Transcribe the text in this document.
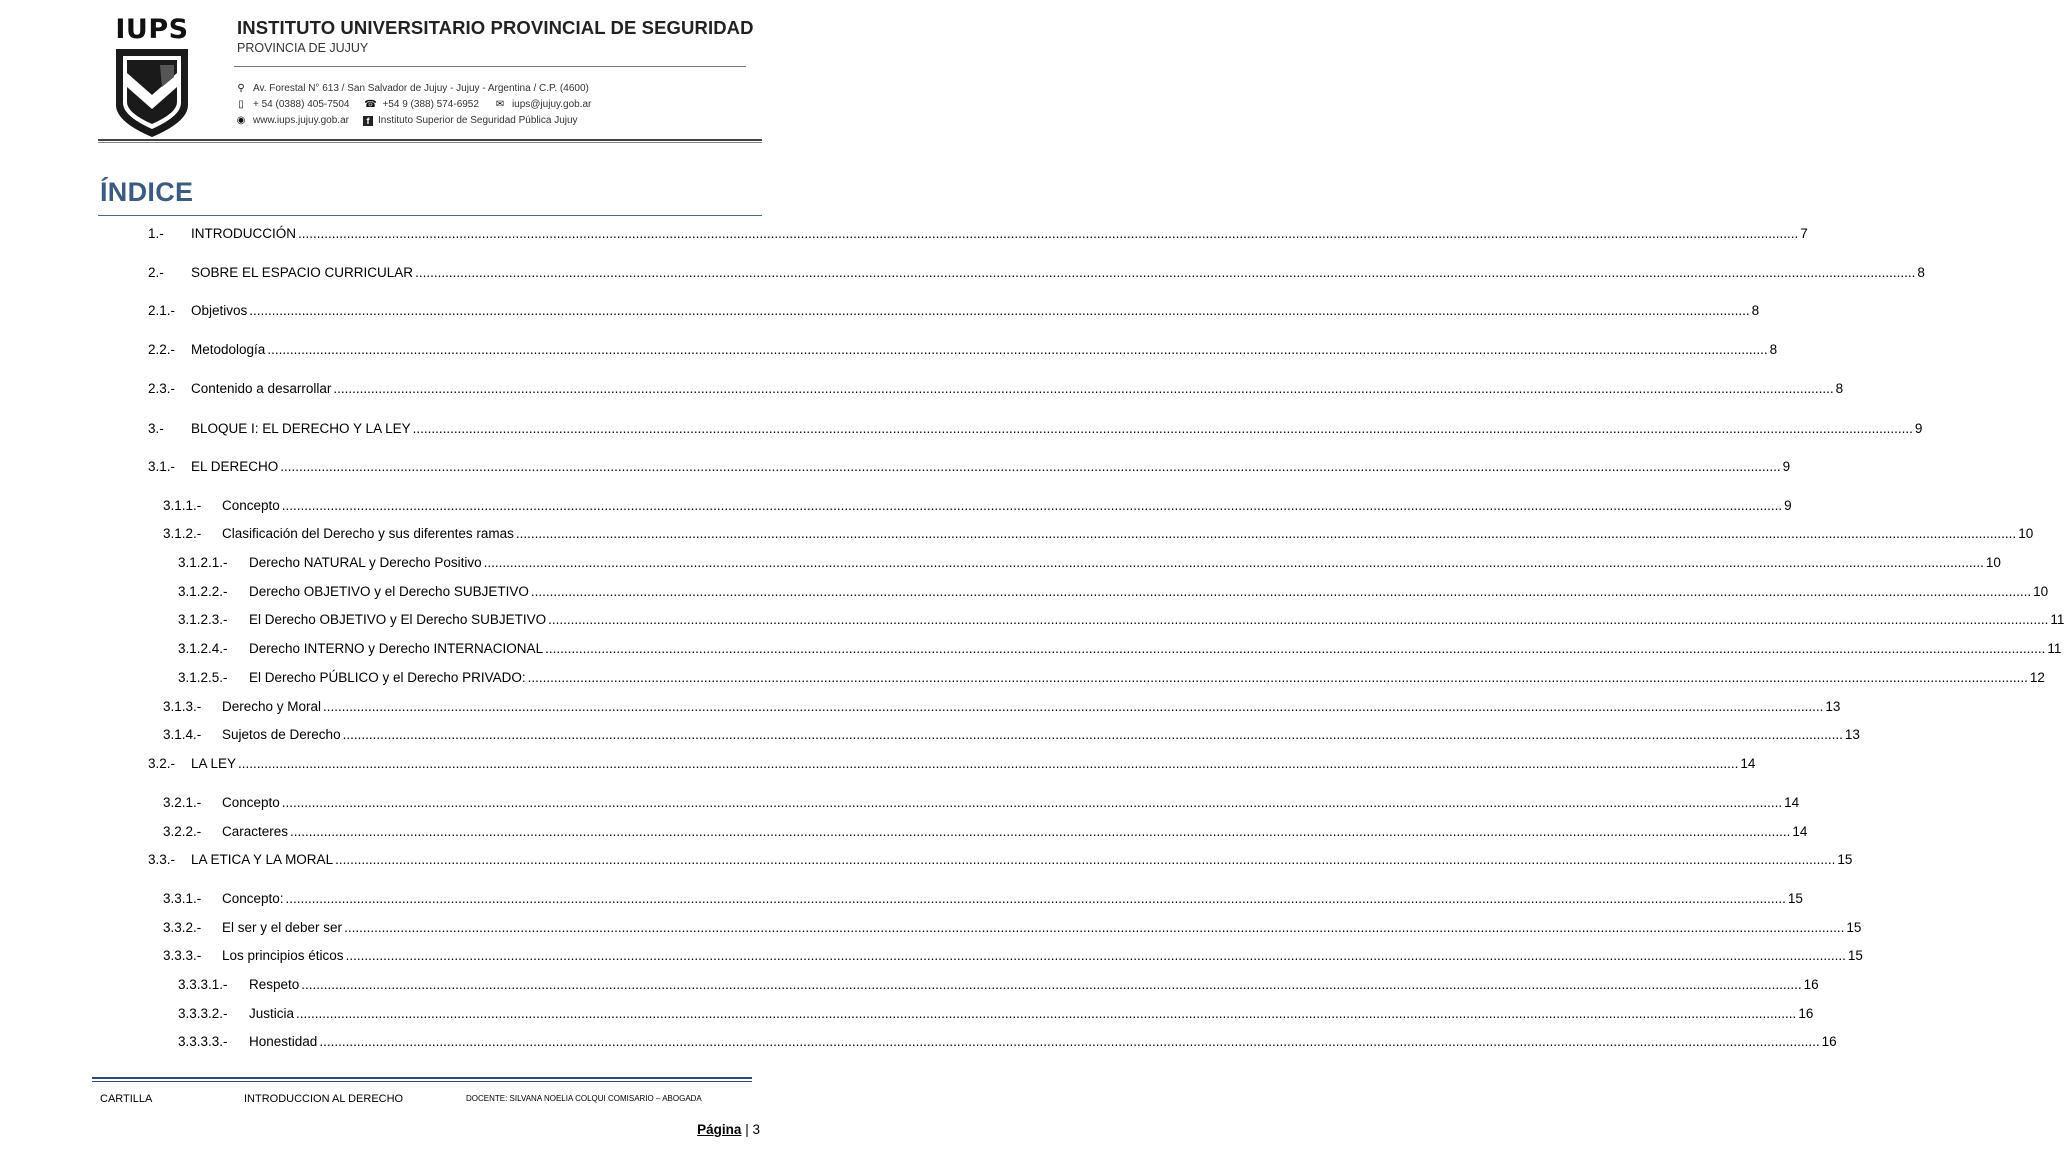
IUPS	INSTITUTO UNIVERSITARIO PROVINCIAL DE SEGURIDAD
PROVINCIA DE JUJUY
⚲ Av. Forestal N° 613 / San Salvador de Jujuy - Jujuy - Argentina / C.P. (4600)
▯ + 54 (0388) 405-7504 ☎ +54 9 (388) 574-6952 ✉ iups@jujuy.gob.ar
◉ www.iups.jujuy.gob.ar	f Instituto Superior de Seguridad Pública Jujuy
ÍNDICE
1.-	INTRODUCCIÓN ................................................................................................................................................................................................................................................................................................................................................................................................................ 7
2.-	SOBRE EL ESPACIO CURRICULAR ................................................................................................................................................................................................................................................................................................................................................................................................................ 8
2.1.-	Objetivos ................................................................................................................................................................................................................................................................................................................................................................................................................ 8
2.2.-	Metodología ................................................................................................................................................................................................................................................................................................................................................................................................................ 8
2.3.-	Contenido a desarrollar ................................................................................................................................................................................................................................................................................................................................................................................................................ 8
3.-	BLOQUE I: EL DERECHO Y LA LEY ................................................................................................................................................................................................................................................................................................................................................................................................................ 9
3.1.-	EL DERECHO ................................................................................................................................................................................................................................................................................................................................................................................................................ 9
3.1.1.-	Concepto ................................................................................................................................................................................................................................................................................................................................................................................................................ 9
3.1.2.-	Clasificación del Derecho y sus diferentes ramas ................................................................................................................................................................................................................................................................................................................................................................................................................ 10
3.1.2.1.-	Derecho NATURAL y Derecho Positivo ................................................................................................................................................................................................................................................................................................................................................................................................................ 10
3.1.2.2.-	Derecho OBJETIVO y el Derecho SUBJETIVO ................................................................................................................................................................................................................................................................................................................................................................................................................ 10
3.1.2.3.-	El Derecho OBJETIVO y El Derecho SUBJETIVO ................................................................................................................................................................................................................................................................................................................................................................................................................ 11
3.1.2.4.-	Derecho INTERNO y Derecho INTERNACIONAL ................................................................................................................................................................................................................................................................................................................................................................................................................ 11
3.1.2.5.-	El Derecho PÚBLICO y el Derecho PRIVADO: ................................................................................................................................................................................................................................................................................................................................................................................................................ 12
3.1.3.-	Derecho y Moral ................................................................................................................................................................................................................................................................................................................................................................................................................ 13
3.1.4.-	Sujetos de Derecho ................................................................................................................................................................................................................................................................................................................................................................................................................ 13
3.2.-	LA LEY ................................................................................................................................................................................................................................................................................................................................................................................................................ 14
3.2.1.-	Concepto ................................................................................................................................................................................................................................................................................................................................................................................................................ 14
3.2.2.-	Caracteres ................................................................................................................................................................................................................................................................................................................................................................................................................ 14
3.3.-	LA ETICA Y LA MORAL ................................................................................................................................................................................................................................................................................................................................................................................................................ 15
3.3.1.-	Concepto: ................................................................................................................................................................................................................................................................................................................................................................................................................ 15
3.3.2.-	El ser y el deber ser ................................................................................................................................................................................................................................................................................................................................................................................................................ 15
3.3.3.-	Los principios éticos ................................................................................................................................................................................................................................................................................................................................................................................................................ 15
3.3.3.1.-	Respeto ................................................................................................................................................................................................................................................................................................................................................................................................................ 16
3.3.3.2.-	Justicia ................................................................................................................................................................................................................................................................................................................................................................................................................ 16
3.3.3.3.-	Honestidad ................................................................................................................................................................................................................................................................................................................................................................................................................ 16
CARTILLA	INTRODUCCION AL DERECHO	DOCENTE: SILVANA NOELIA COLQUI COMISARIO – ABOGADA
Página | 3
